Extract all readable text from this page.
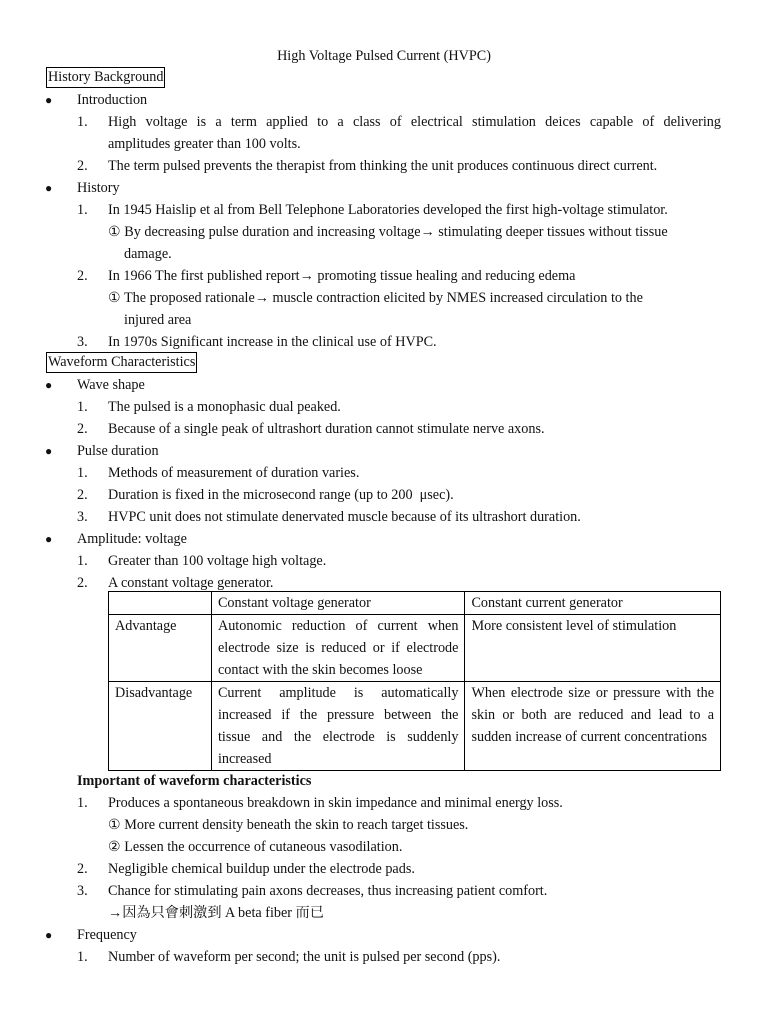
High Voltage Pulsed Current (HVPC)
History Background
● Introduction
1. High voltage is a term applied to a class of electrical stimulation deices capable of delivering
amplitudes greater than 100 volts.
2. The term pulsed prevents the therapist from thinking the unit produces continuous direct current.
● History
1. In 1945 Haislip et al from Bell Telephone Laboratories developed the first high-voltage stimulator.
① By decreasing pulse duration and increasing voltage→ stimulating deeper tissues without tissue
damage.
2. In 1966 The first published report→ promoting tissue healing and reducing edema
① The proposed rationale→ muscle contraction elicited by NMES increased circulation to the
injured area
3. In 1970s Significant increase in the clinical use of HVPC.
Waveform Characteristics
● Wave shape
1. The pulsed is a monophasic dual peaked.
2. Because of a single peak of ultrashort duration cannot stimulate nerve axons.
● Pulse duration
1. Methods of measurement of duration varies.
2. Duration is fixed in the microsecond range (up to 200  μsec).
3. HVPC unit does not stimulate denervated muscle because of its ultrashort duration.
● Amplitude: voltage
1. Greater than 100 voltage high voltage.
2. A constant voltage generator.
	Constant voltage generator	Constant current generator
Advantage	Autonomic reduction of current when electrode size is reduced or if electrode contact with the skin becomes loose	More consistent level of stimulation
Disadvantage	Current amplitude is automatically increased if the pressure between the tissue and the electrode is suddenly increased	When electrode size or pressure with the skin or both are reduced and lead to a sudden increase of current concentrations
Important of waveform characteristics
1. Produces a spontaneous breakdown in skin impedance and minimal energy loss.
① More current density beneath the skin to reach target tissues.
② Lessen the occurrence of cutaneous vasodilation.
2. Negligible chemical buildup under the electrode pads.
3. Chance for stimulating pain axons decreases, thus increasing patient comfort.
→因為只會刺激到 A beta fiber 而已
● Frequency
1. Number of waveform per second; the unit is pulsed per second (pps).
